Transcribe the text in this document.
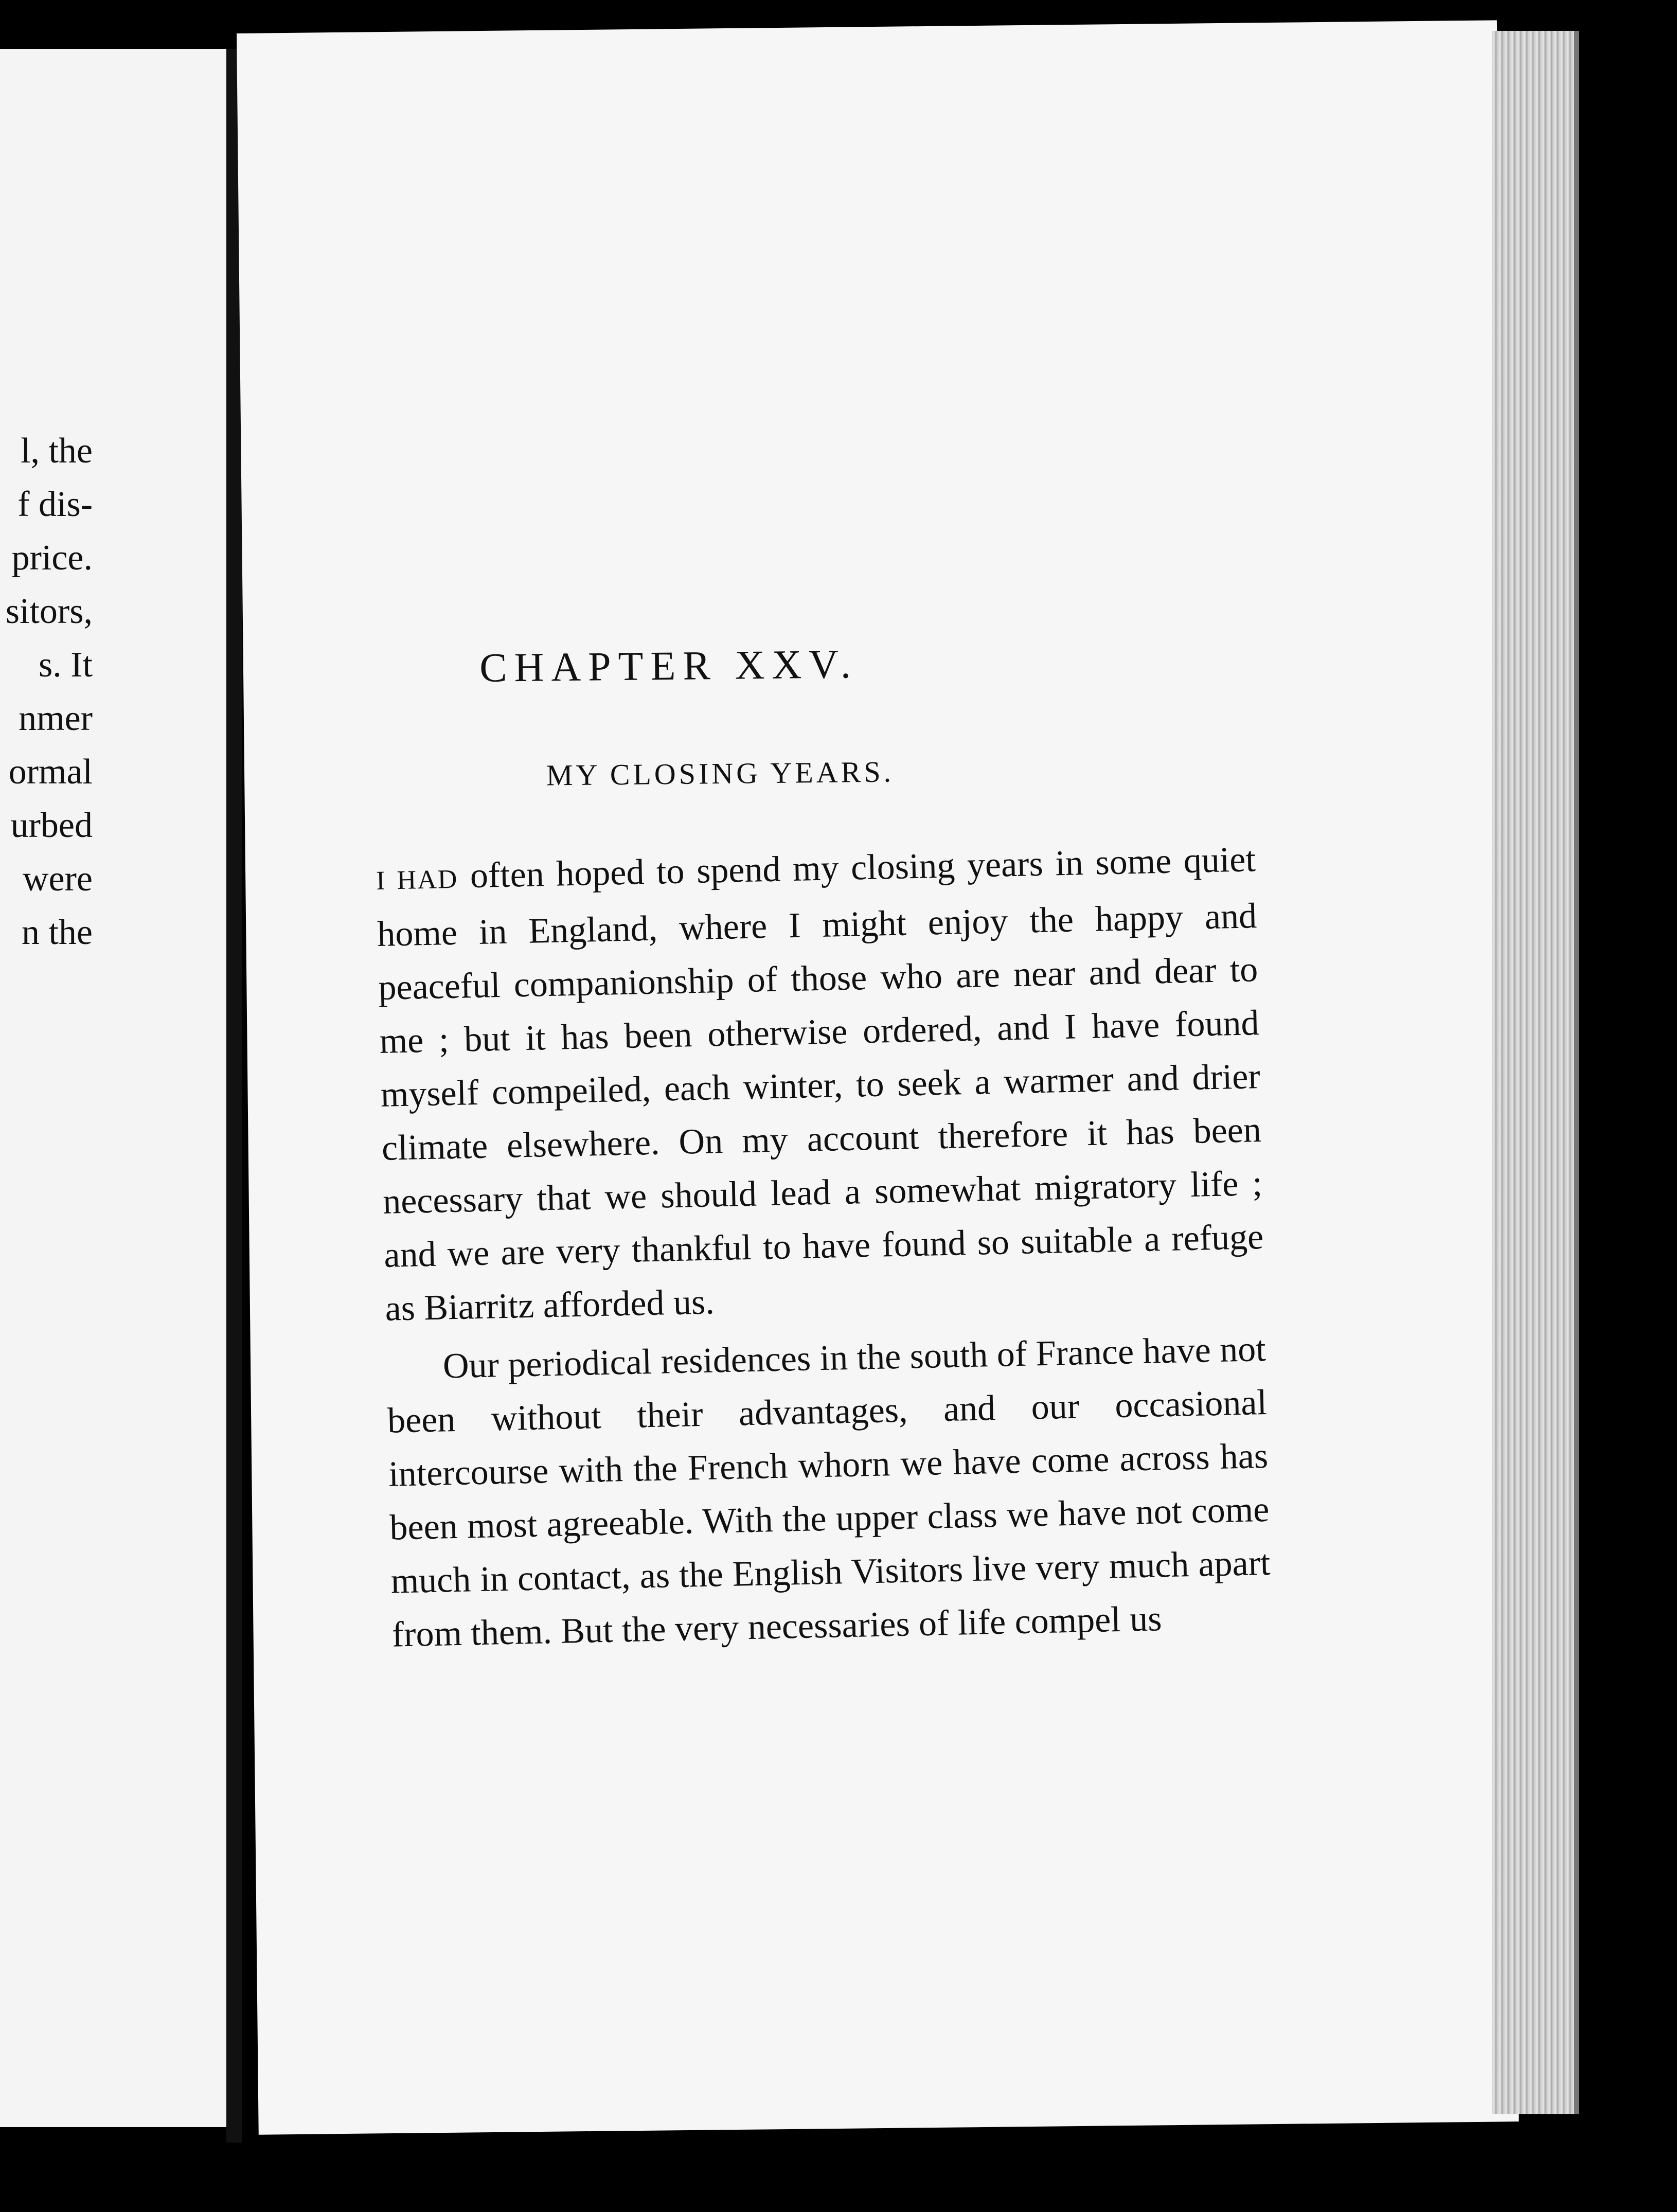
l, the
f dis-
price.
sitors,
s. It
nmer
ormal
urbed
were
n the
CHAPTER XXV.
MY CLOSING YEARS.

I HAD often hoped to spend my closing years in some quiet home in England, where I might enjoy the happy and peaceful companionship of those who are near and dear to me ; but it has been otherwise ordered, and I have found myself compeiled, each winter, to seek a warmer and drier climate elsewhere. On my account therefore it has been necessary that we should lead a somewhat migratory life ; and we are very thankful to have found so suitable a refuge as Biarritz afforded us.

Our periodical residences in the south of France have not been without their advantages, and our occasional intercourse with the French whorn we have come across has been most agreeable. With the upper class we have not come much in contact, as the English Visitors live very much apart from them. But the very necessaries of life compel us
